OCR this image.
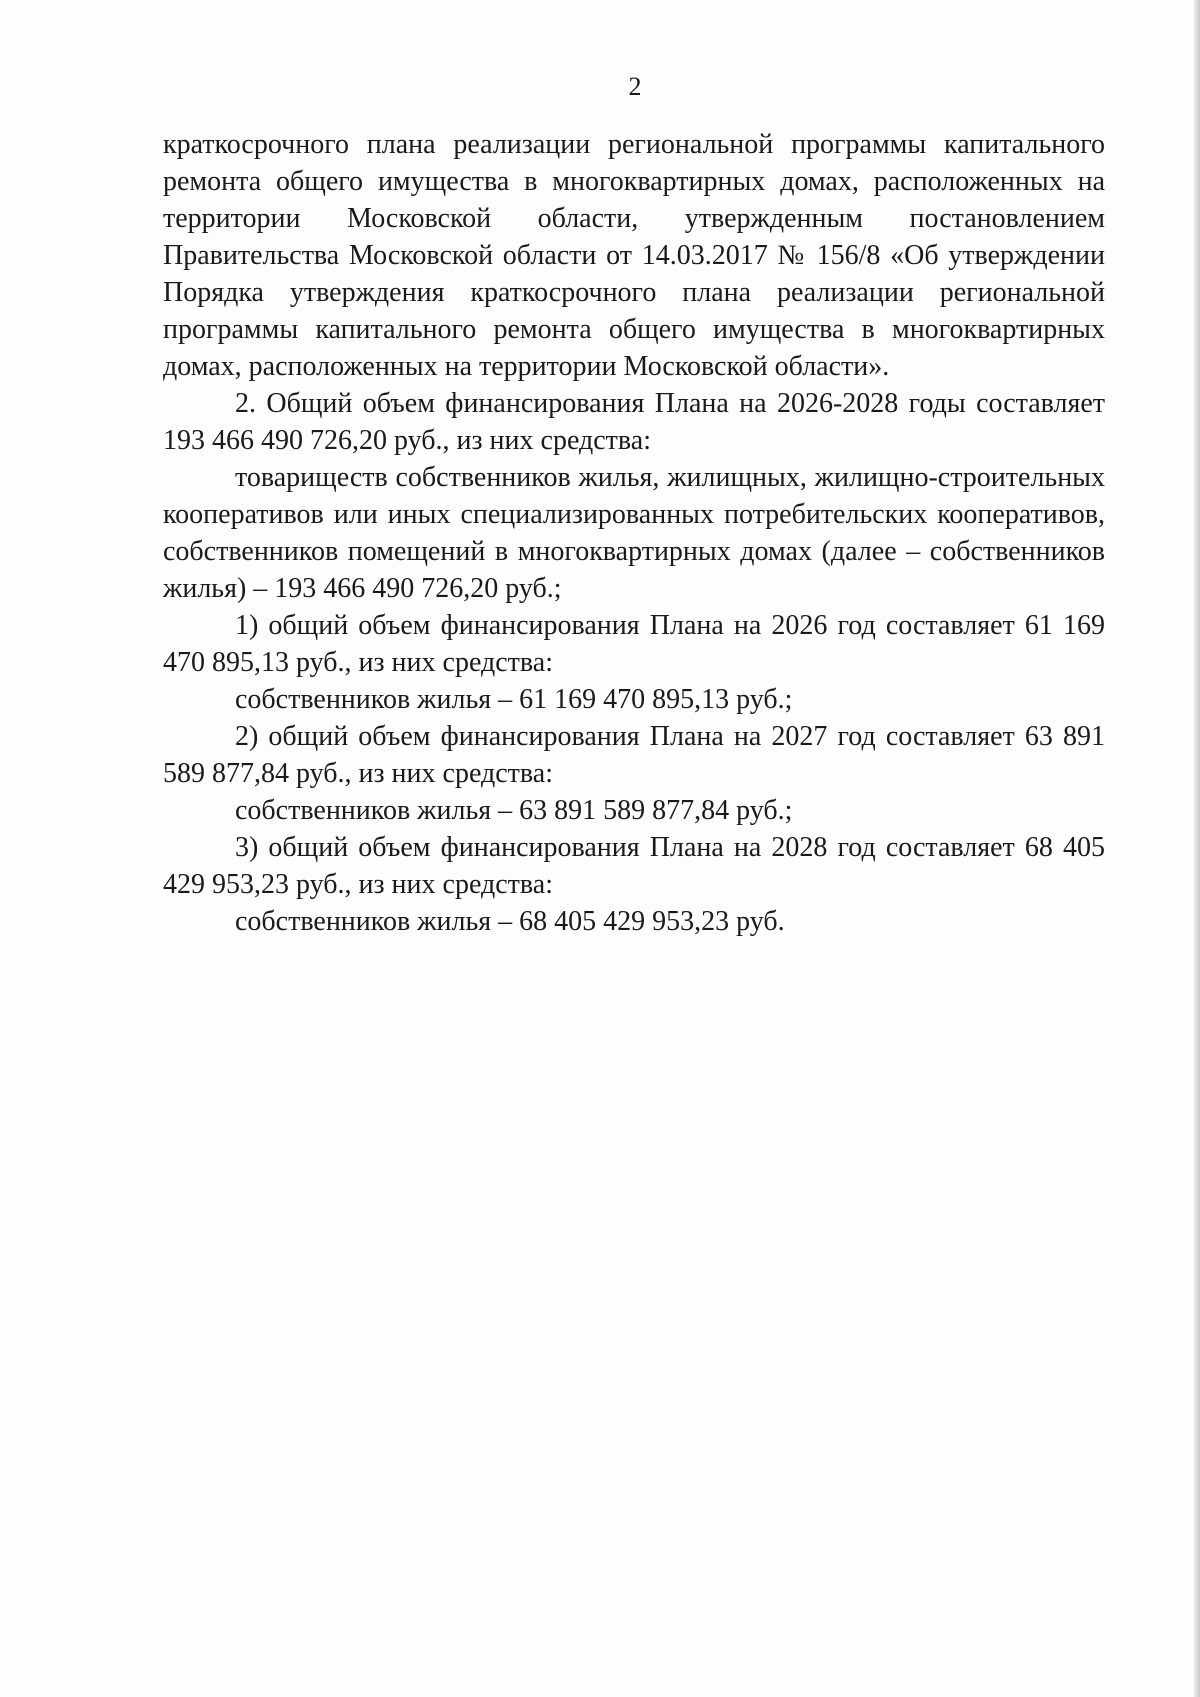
2

краткосрочного плана реализации региональной программы капитального ремонта общего имущества в многоквартирных домах, расположенных на территории Московской области, утвержденным постановлением Правительства Московской области от 14.03.2017 № 156/8 «Об утверждении Порядка утверждения краткосрочного плана реализации региональной программы капитального ремонта общего имущества в многоквартирных домах, расположенных на территории Московской области».

2. Общий объем финансирования Плана на 2026-2028 годы составляет 193 466 490 726,20 руб., из них средства:

товариществ собственников жилья, жилищных, жилищно-строительных кооперативов или иных специализированных потребительских кооперативов, собственников помещений в многоквартирных домах (далее – собственников жилья) – 193 466 490 726,20 руб.;

1) общий объем финансирования Плана на 2026 год составляет 61 169 470 895,13 руб., из них средства:

собственников жилья – 61 169 470 895,13 руб.;

2) общий объем финансирования Плана на 2027 год составляет 63 891 589 877,84 руб., из них средства:

собственников жилья – 63 891 589 877,84 руб.;

3) общий объем финансирования Плана на 2028 год составляет 68 405 429 953,23 руб., из них средства:

собственников жилья – 68 405 429 953,23 руб.
